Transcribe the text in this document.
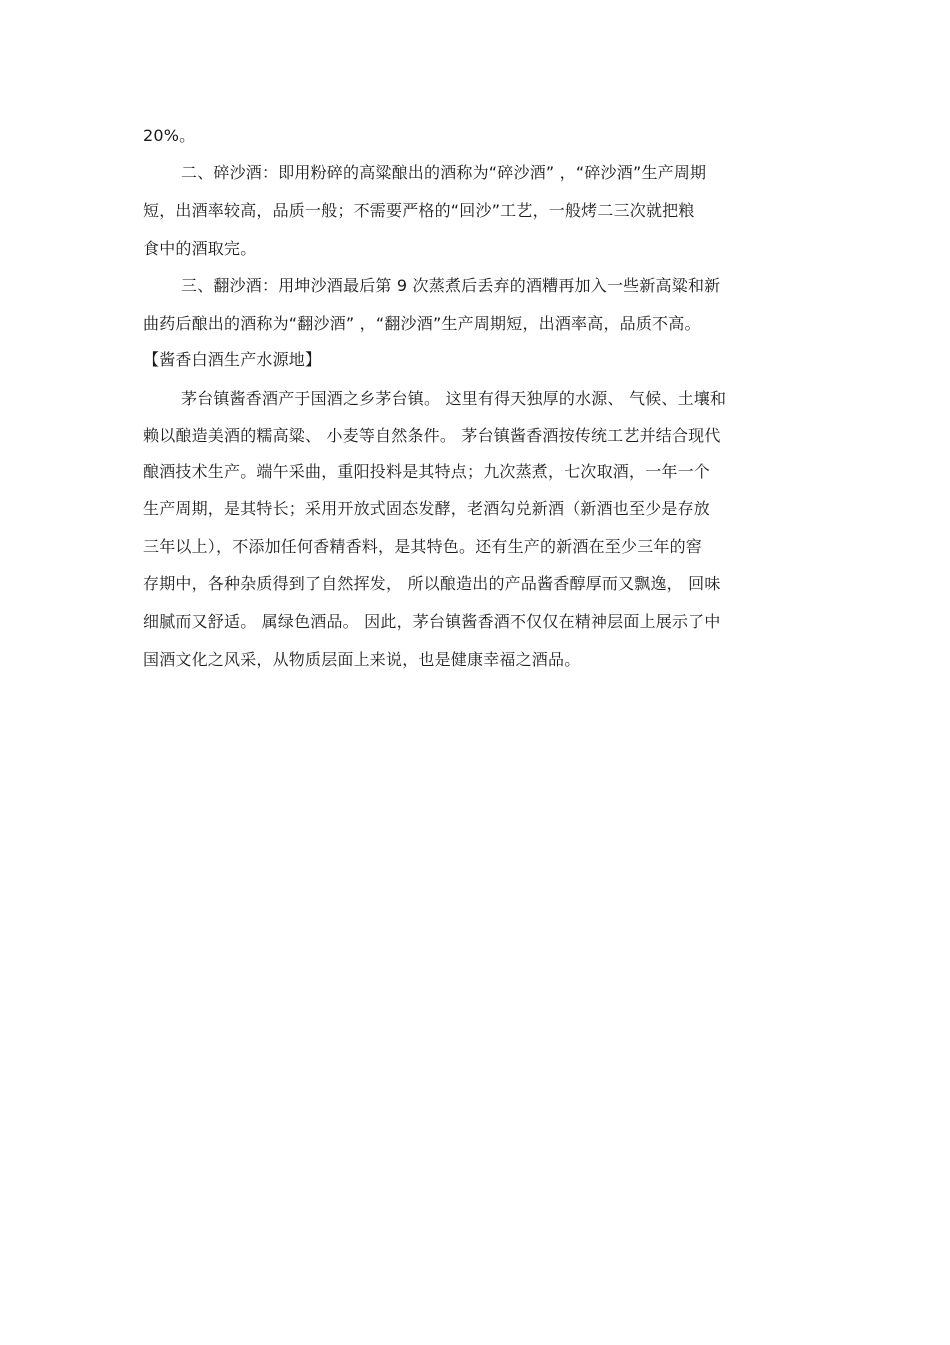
20%。
二、碎沙酒：即用粉碎的高粱酿出的酒称为“碎沙酒” ，“碎沙酒”生产周期
短，出酒率较高，品质一般；不需要严格的“回沙”工艺，一般烤二三次就把粮
食中的酒取完。
三、翻沙酒：用坤沙酒最后第 9 次蒸煮后丢弃的酒糟再加入一些新高粱和新
曲药后酿出的酒称为“翻沙酒” ，“翻沙酒”生产周期短，出酒率高，品质不高。
【酱香白酒生产水源地】
茅台镇酱香酒产于国酒之乡茅台镇。 这里有得天独厚的水源、 气候、土壤和
赖以酿造美酒的糯高粱、 小麦等自然条件。 茅台镇酱香酒按传统工艺并结合现代
酿酒技术生产。端午采曲，重阳投料是其特点；九次蒸煮，七次取酒，一年一个
生产周期，是其特长；采用开放式固态发酵，老酒勾兑新酒（新酒也至少是存放
三年以上），不添加任何香精香料，是其特色。还有生产的新酒在至少三年的窖
存期中，各种杂质得到了自然挥发， 所以酿造出的产品酱香醇厚而又飘逸， 回味
细腻而又舒适。 属绿色酒品。 因此，茅台镇酱香酒不仅仅在精神层面上展示了中
国酒文化之风采，从物质层面上来说，也是健康幸福之酒品。
